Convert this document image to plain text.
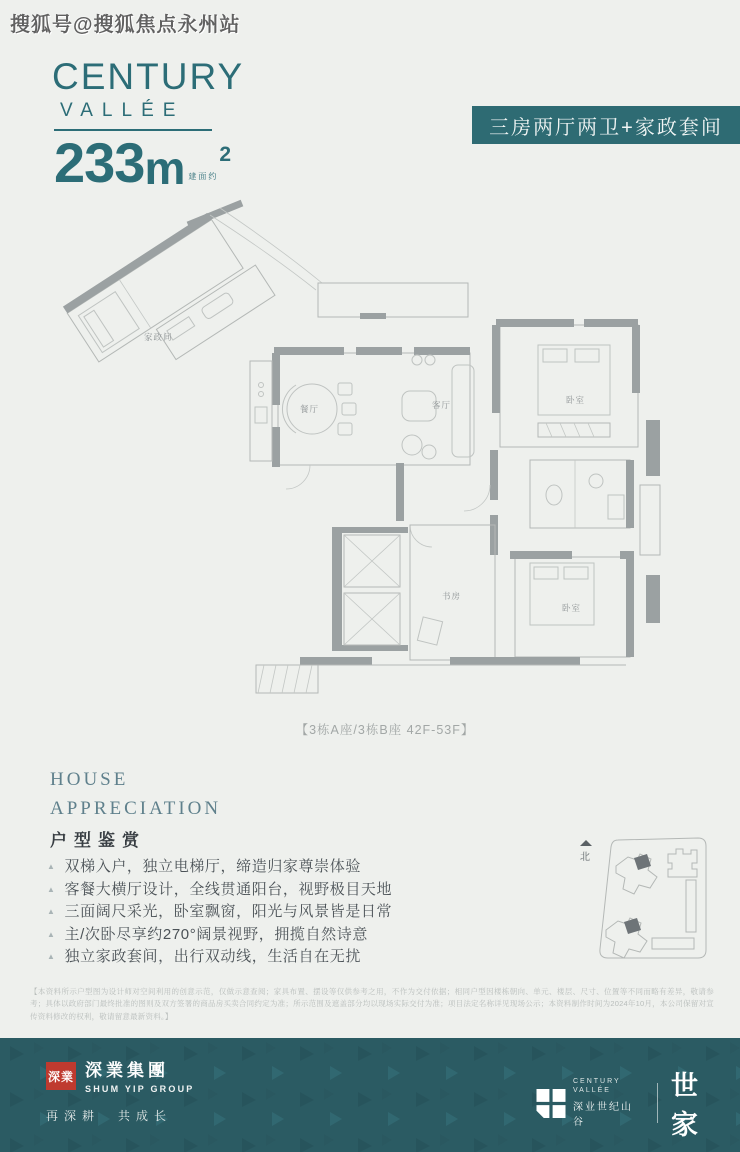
搜狐号@搜狐焦点永州站
CENTURY
VALLÉE
233 m 建面约
2
三房两厅两卫+家政套间
餐厅	客厅	卧室
书房
卧室
家政间
【3栋A座/3栋B座 42F-53F】
HOUSE
APPRECIATION
户型鉴赏
▲ 双梯入户，独立电梯厅，缔造归家尊崇体验
▲ 客餐大横厅设计，全线贯通阳台，视野极目天地
▲ 三面阔尺采光，卧室飘窗，阳光与风景皆是日常
▲ 主/次卧尽享约270°阔景视野，拥揽自然诗意
▲ 独立家政套间，出行双动线，生活自在无扰
北
【本资料所示户型图为设计师对空间利用的创意示范，仅做示意查阅；家具布置、摆设等仅供参考之用，不作为交付依据；相同户型因楼栋朝向、单元、楼层、尺寸、位置等不同而略有差异，敬请参考；具体以政府部门最终批准的图则及双方签署的商品房买卖合同约定为准；所示范围及遮盖部分均以现场实际交付为准；项目法定名称详见现场公示；本资料制作时间为2024年10月，本公司保留对宣传资料修改的权利，敬请留意最新资料。】
深業 深業集團
SHUM YIP GROUP
再深耕　共成长
CENTURY
VALLÉE
深业世纪山谷
世家
